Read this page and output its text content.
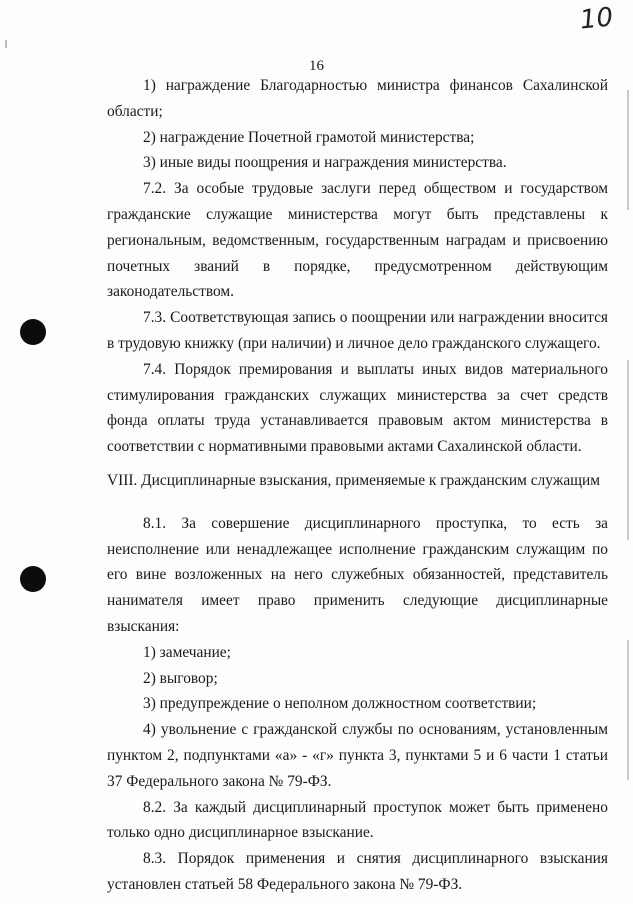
10
16

1) награждение Благодарностью министра финансов Сахалинской области;

2) награждение Почетной грамотой министерства;

3) иные виды поощрения и награждения министерства.

7.2. За особые трудовые заслуги перед обществом и государством гражданские служащие министерства могут быть представлены к региональным, ведомственным, государственным наградам и присвоению почетных званий в порядке, предусмотренном действующим законодательством.

7.3. Соответствующая запись о поощрении или награждении вносится в трудовую книжку (при наличии) и личное дело гражданского служащего.

7.4. Порядок премирования и выплаты иных видов материального стимулирования гражданских служащих министерства за счет средств фонда оплаты труда устанавливается правовым актом министерства в соответствии с нормативными правовыми актами Сахалинской области.

VIII. Дисциплинарные взыскания, применяемые к гражданским служащим

8.1. За совершение дисциплинарного проступка, то есть за неисполнение или ненадлежащее исполнение гражданским служащим по его вине возложенных на него служебных обязанностей, представитель нанимателя имеет право применить следующие дисциплинарные взыскания:

1) замечание;

2) выговор;

3) предупреждение о неполном должностном соответствии;

4) увольнение с гражданской службы по основаниям, установленным пунктом 2, подпунктами «а» - «г» пункта 3, пунктами 5 и 6 части 1 статьи 37 Федерального закона № 79-ФЗ.

8.2. За каждый дисциплинарный проступок может быть применено только одно дисциплинарное взыскание.

8.3. Порядок применения и снятия дисциплинарного взыскания установлен статьей 58 Федерального закона № 79-ФЗ.
